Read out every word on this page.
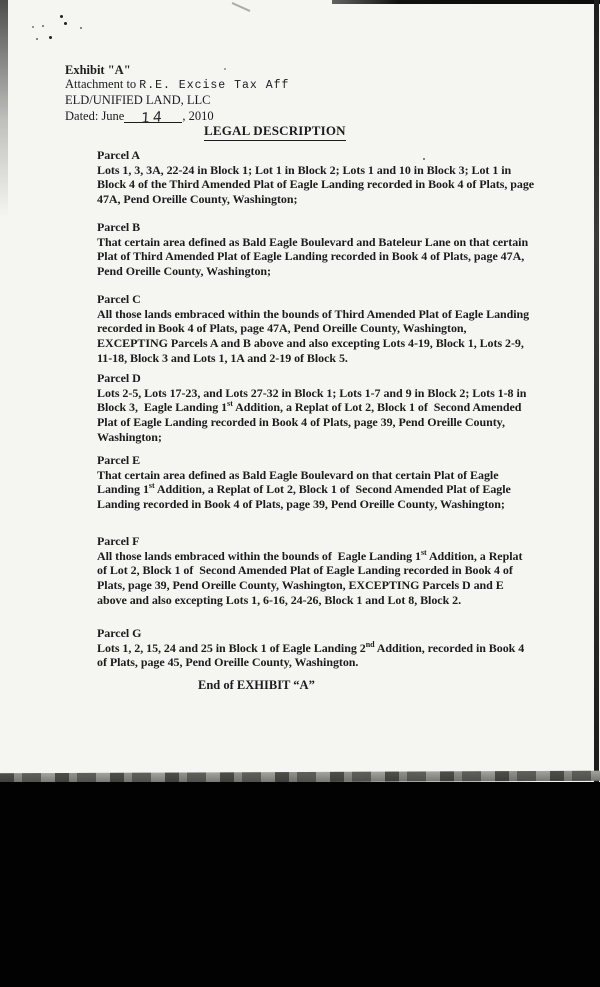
Exhibit "A"
Attachment to R.E. Excise Tax Aff
ELD/UNIFIED LAND, LLC
Dated: June 14 , 2010
LEGAL DESCRIPTION
Parcel A
Lots 1, 3, 3A, 22-24 in Block 1; Lot 1 in Block 2; Lots 1 and 10 in Block 3; Lot 1 in Block 4 of the Third Amended Plat of Eagle Landing recorded in Book 4 of Plats, page 47A, Pend Oreille County, Washington;
Parcel B
That certain area defined as Bald Eagle Boulevard and Bateleur Lane on that certain Plat of Third Amended Plat of Eagle Landing recorded in Book 4 of Plats, page 47A, Pend Oreille County, Washington;
Parcel C
All those lands embraced within the bounds of Third Amended Plat of Eagle Landing recorded in Book 4 of Plats, page 47A, Pend Oreille County, Washington, EXCEPTING Parcels A and B above and also excepting Lots 4-19, Block 1, Lots 2-9, 11-18, Block 3 and Lots 1, 1A and 2-19 of Block 5.
Parcel D
Lots 2-5, Lots 17-23, and Lots 27-32 in Block 1; Lots 1-7 and 9 in Block 2; Lots 1-8 in Block 3,  Eagle Landing 1st Addition, a Replat of Lot 2, Block 1 of  Second Amended Plat of Eagle Landing recorded in Book 4 of Plats, page 39, Pend Oreille County, Washington;
Parcel E
That certain area defined as Bald Eagle Boulevard on that certain Plat of Eagle Landing 1st Addition, a Replat of Lot 2, Block 1 of  Second Amended Plat of Eagle Landing recorded in Book 4 of Plats, page 39, Pend Oreille County, Washington;
Parcel F
All those lands embraced within the bounds of  Eagle Landing 1st Addition, a Replat of Lot 2, Block 1 of  Second Amended Plat of Eagle Landing recorded in Book 4 of  Plats, page 39, Pend Oreille County, Washington, EXCEPTING Parcels D and E above and also excepting Lots 1, 6-16, 24-26, Block 1 and Lot 8, Block 2.
Parcel G
Lots 1, 2, 15, 24 and 25 in Block 1 of Eagle Landing 2nd Addition, recorded in Book 4 of Plats, page 45, Pend Oreille County, Washington.
End of EXHIBIT “A”
